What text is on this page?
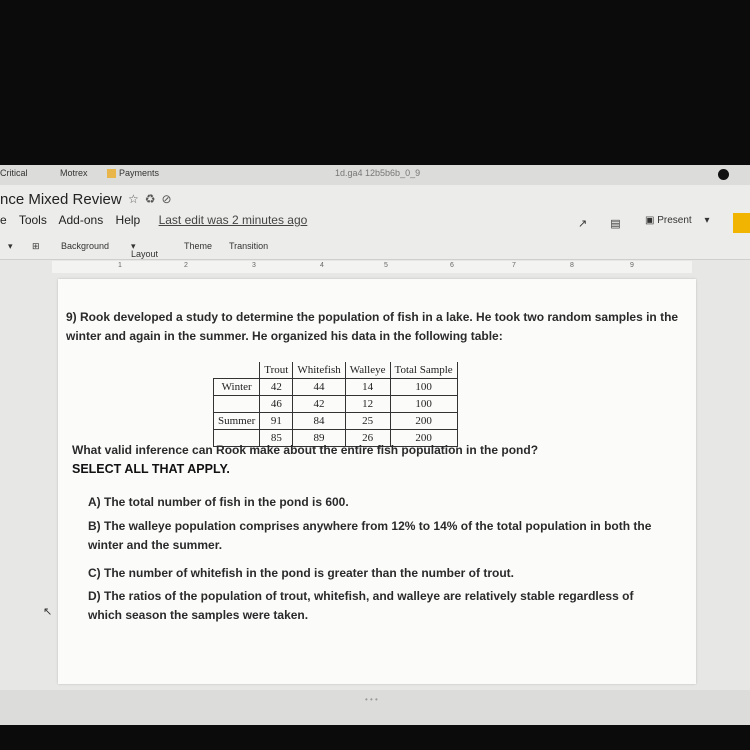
Critical	Motrex	Payments	1d.ga4 12b5b6b_0_9
nce Mixed Review ☆♻⊘
e Tools Add-ons Help Last edit was 2 minutes ago	↗ ▤ ▣ Present ▾
▾ ⊞ Background
Layout
▾	Theme Transition
1	2	3	4	5	6	7	8	9
9) Rook developed a study to determine the population of fish in a lake. He took two random samples in the winter and again in the summer. He organized his data in the following table:
	Trout	Whitefish	Walleye	Total Sample
Winter	42	44	14	100
	46	42	12	100
Summer	91	84	25	200
	85	89	26	200
What valid inference can Rook make about the entire fish population in the pond?
SELECT ALL THAT APPLY.
A) The total number of fish in the pond is 600.
B) The walleye population comprises anywhere from 12% to 14% of the total population in both the winter and the summer.
C) The number of whitefish in the pond is greater than the number of trout.
D) The ratios of the population of trout, whitefish, and walleye are relatively stable regardless of which season the samples were taken.
↖
• • •
